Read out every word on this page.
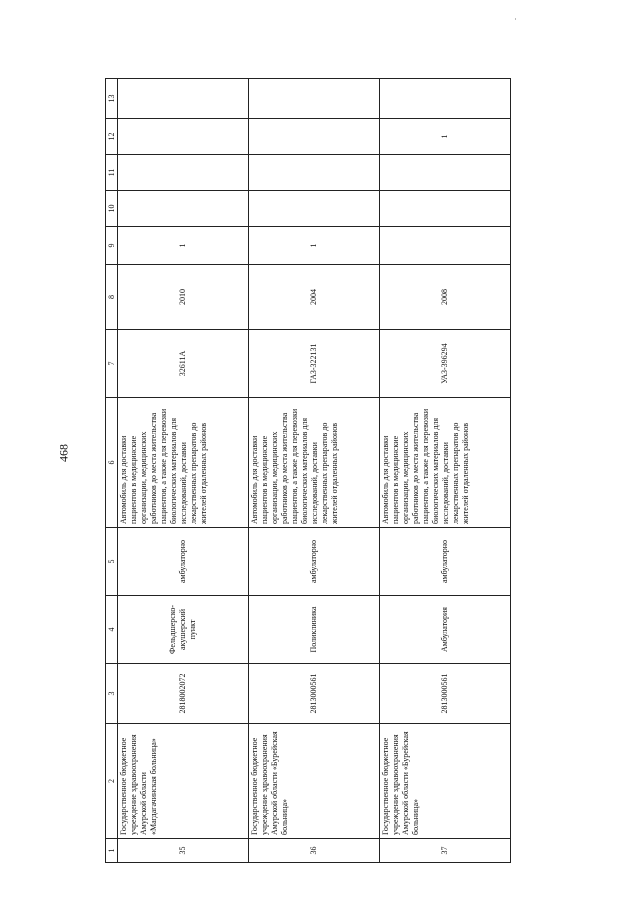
468
1	2	3	4	5	6	7	8	9	10	11	12	13
35	Государственное бюджетное учреждение здравоохранения Амурской области «Магдагачинская больница»	2818002072	Фельдшерско-акушерский пункт	амбулаторно	Автомобиль для доставки пациентов в медицинские организации, медицинских работников до места жительства пациентов, а также для перевозки биологических материалов для исследований, доставки лекарственных препаратов до жителей отдаленных районов	32611А	2010	1				
36	Государственное бюджетное учреждение здравоохранения Амурской области «Бурейская больница»	2813000561	Поликлиника	амбулаторно	Автомобиль для доставки пациентов в медицинские организации, медицинских работников до места жительства пациентов, а также для перевозки биологических материалов для исследований, доставки лекарственных препаратов до жителей отдаленных районов	ГАЗ-322131	2004	1				
37	Государственное бюджетное учреждение здравоохранения Амурской области «Бурейская больница»	2813000561	Амбулатория	амбулаторно	Автомобиль для доставки пациентов в медицинские организации, медицинских работников до места жительства пациентов, а также для перевозки биологических материалов для исследований, доставки лекарственных препаратов до жителей отдаленных районов	УАЗ-396294	2008				1	
